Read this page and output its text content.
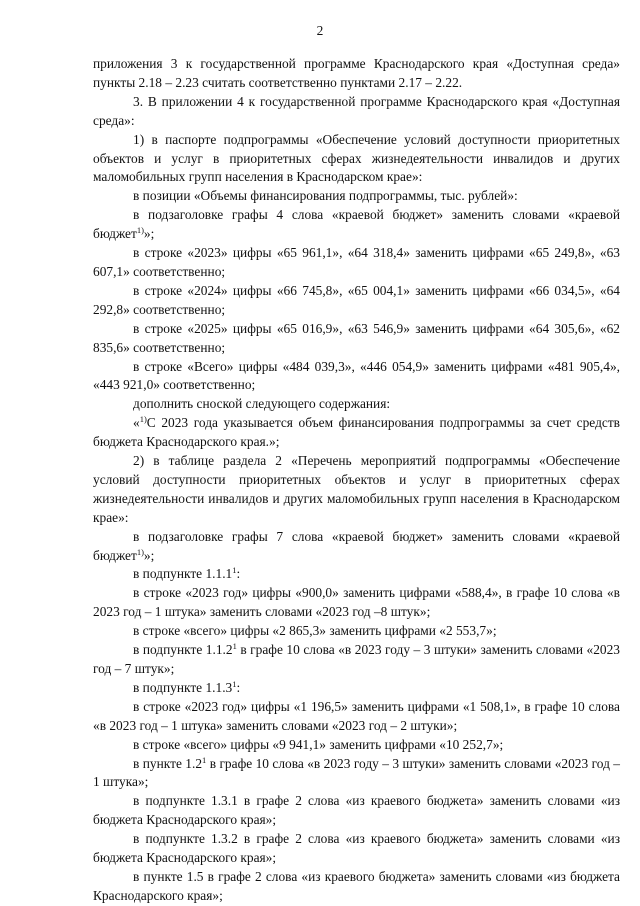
2

приложения 3 к государственной программе Краснодарского края «Доступная среда» пункты 2.18 – 2.23 считать соответственно пунктами 2.17 – 2.22.

3. В приложении 4 к государственной программе Краснодарского края «Доступная среда»:

1) в паспорте подпрограммы «Обеспечение условий доступности приоритетных объектов и услуг в приоритетных сферах жизнедеятельности инвалидов и других маломобильных групп населения в Краснодарском крае»:

в позиции «Объемы финансирования подпрограммы, тыс. рублей»:

в подзаголовке графы 4 слова «краевой бюджет» заменить словами «краевой бюджет$^{1)}$»;

в строке «2023» цифры «65 961,1», «64 318,4» заменить цифрами «65 249,8», «63 607,1» соответственно;

в строке «2024» цифры «66 745,8», «65 004,1» заменить цифрами «66 034,5», «64 292,8» соответственно;

в строке «2025» цифры «65 016,9», «63 546,9» заменить цифрами «64 305,6», «62 835,6» соответственно;

в строке «Всего» цифры «484 039,3», «446 054,9» заменить цифрами «481 905,4», «443 921,0» соответственно;

дополнить сноской следующего содержания:

«$^{1)}$С 2023 года указывается объем финансирования подпрограммы за счет средств бюджета Краснодарского края.»;

2) в таблице раздела 2 «Перечень мероприятий подпрограммы «Обеспечение условий доступности приоритетных объектов и услуг в приоритетных сферах жизнедеятельности инвалидов и других маломобильных групп населения в Краснодарском крае»:

в подзаголовке графы 7 слова «краевой бюджет» заменить словами «краевой бюджет$^{1)}$»;

в подпункте 1.1.1$^1$:

в строке «2023 год» цифры «900,0» заменить цифрами «588,4», в графе 10 слова «в 2023 год – 1 штука» заменить словами «2023 год –8 штук»;

в строке «всего» цифры «2 865,3» заменить цифрами «2 553,7»;

в подпункте 1.1.2$^1$ в графе 10 слова «в 2023 году – 3 штуки» заменить словами «2023 год – 7 штук»;

в подпункте 1.1.3$^1$:

в строке «2023 год» цифры «1 196,5» заменить цифрами «1 508,1», в графе 10 слова «в 2023 год – 1 штука» заменить словами «2023 год – 2 штуки»;

в строке «всего» цифры «9 941,1» заменить цифрами «10 252,7»;

в пункте $1.2^1$ в графе 10 слова «в 2023 году – 3 штуки» заменить словами «2023 год – 1 штука»;

в подпункте 1.3.1 в графе 2 слова «из краевого бюджета» заменить словами «из бюджета Краснодарского края»;

в подпункте 1.3.2 в графе 2 слова «из краевого бюджета» заменить словами «из бюджета Краснодарского края»;

в пункте 1.5 в графе 2 слова «из краевого бюджета» заменить словами «из бюджета Краснодарского края»;
